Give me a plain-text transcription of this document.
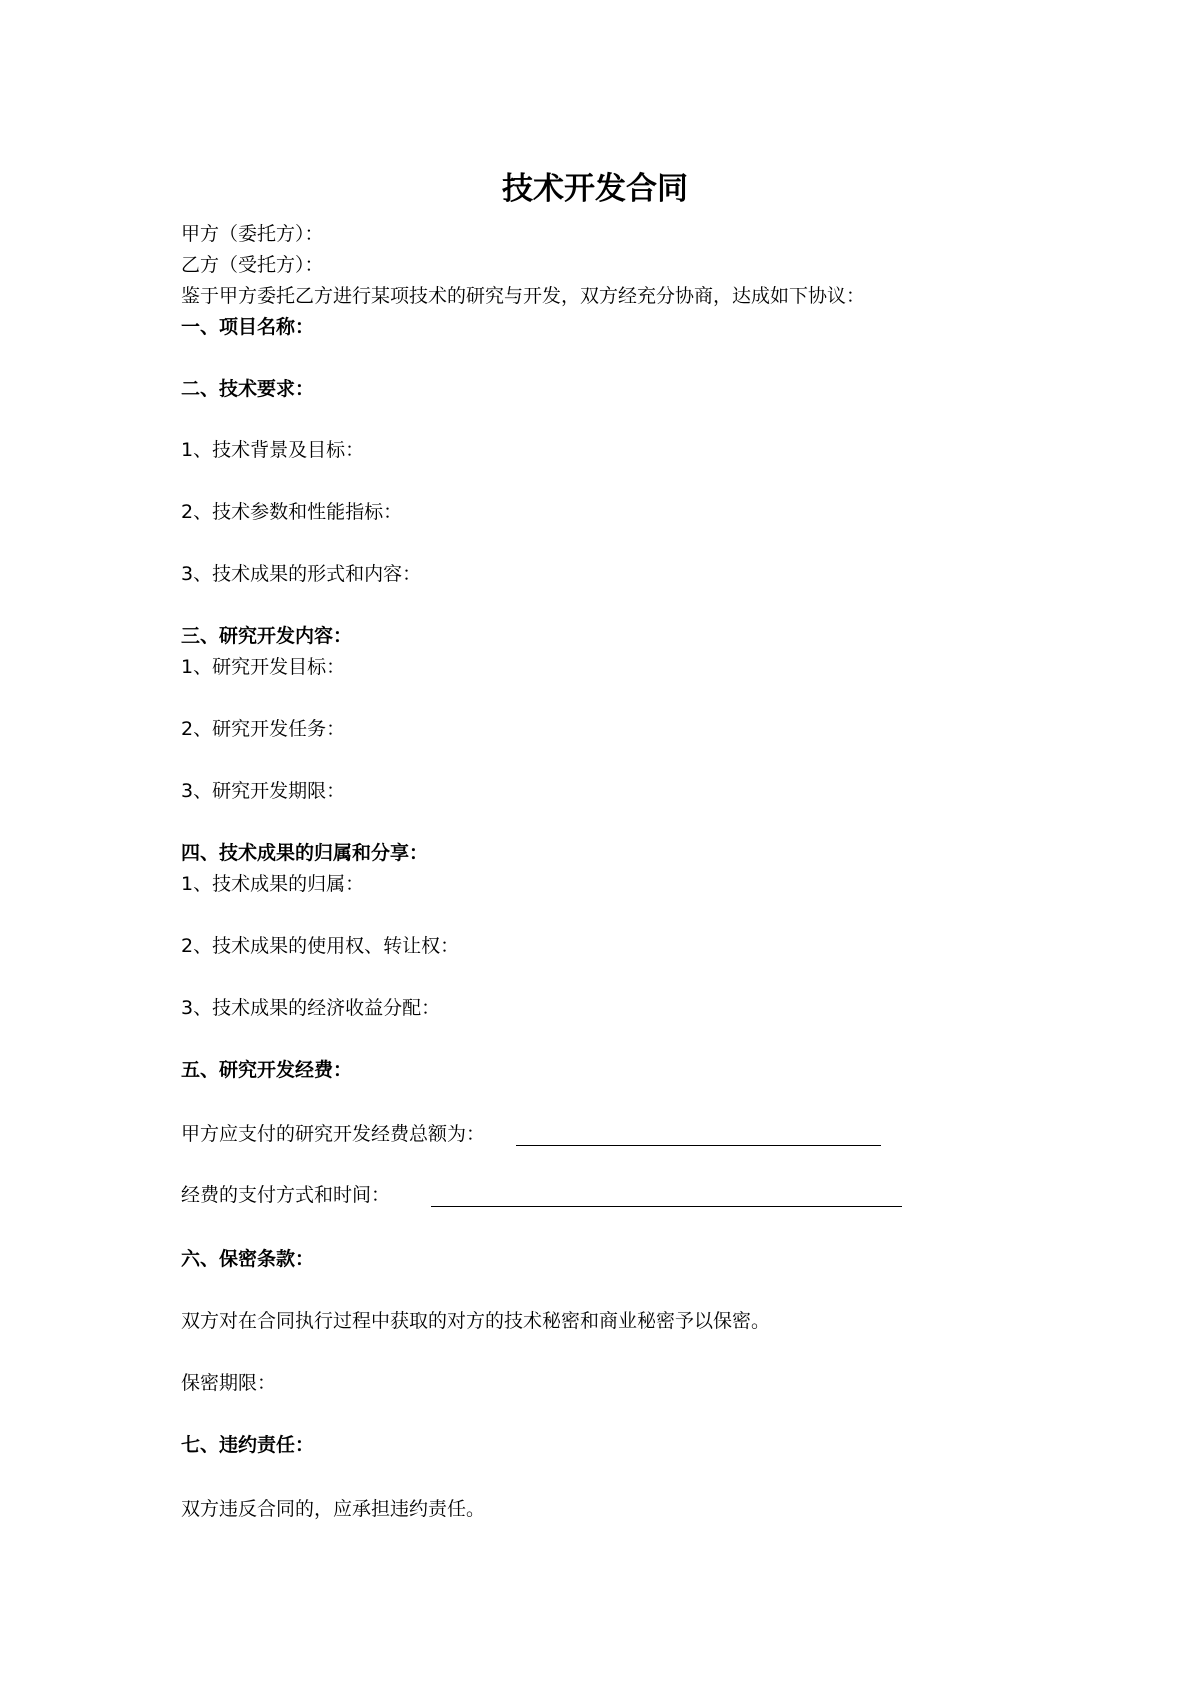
技术开发合同
甲方（委托方）：
乙方（受托方）：
鉴于甲方委托乙方进行某项技术的研究与开发，双方经充分协商，达成如下协议：
一、项目名称：
二、技术要求：
1、技术背景及目标：
2、技术参数和性能指标：
3、技术成果的形式和内容：
三、研究开发内容：
1、研究开发目标：
2、研究开发任务：
3、研究开发期限：
四、技术成果的归属和分享：
1、技术成果的归属：
2、技术成果的使用权、转让权：
3、技术成果的经济收益分配：
五、研究开发经费：
甲方应支付的研究开发经费总额为：
经费的支付方式和时间：
六、保密条款：
双方对在合同执行过程中获取的对方的技术秘密和商业秘密予以保密。
保密期限：
七、违约责任：
双方违反合同的，应承担违约责任。
